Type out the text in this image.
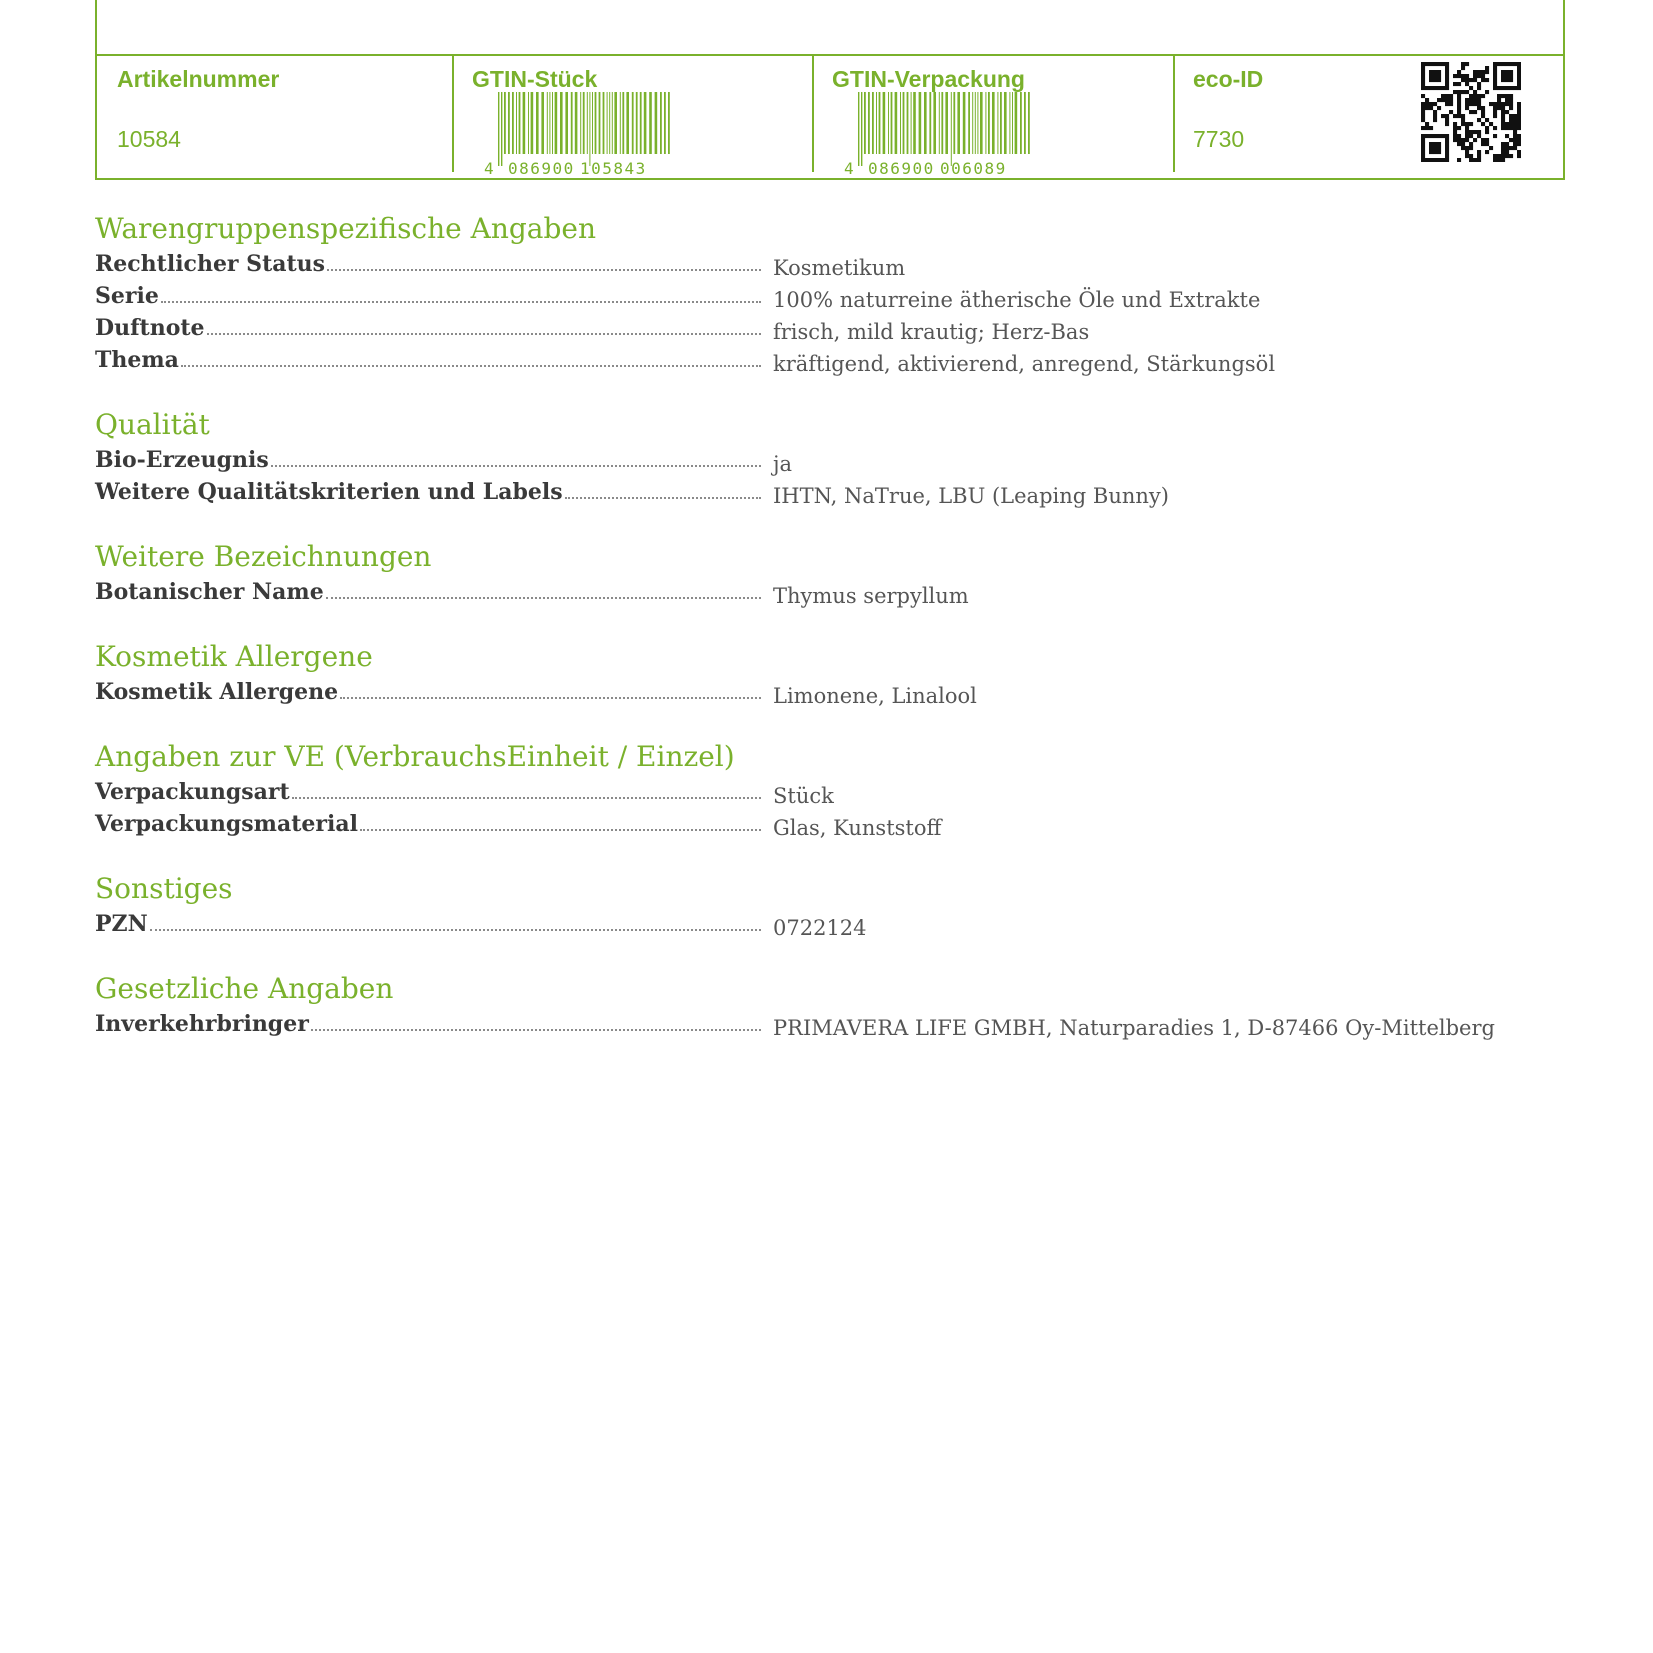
Artikelnummer
10584
GTIN-Stück
4 086900 105843
GTIN-Verpackung
4 086900 006089
eco-ID
7730
Warengruppenspezifische Angaben
Rechtlicher Status	Kosmetikum
Serie	100% naturreine ätherische Öle und Extrakte
Duftnote	frisch, mild krautig; Herz-Bas
Thema	kräftigend, aktivierend, anregend, Stärkungsöl
Qualität
Bio-Erzeugnis	ja
Weitere Qualitätskriterien und Labels	IHTN, NaTrue, LBU (Leaping Bunny)
Weitere Bezeichnungen
Botanischer Name	Thymus serpyllum
Kosmetik Allergene
Kosmetik Allergene	Limonene, Linalool
Angaben zur VE (VerbrauchsEinheit / Einzel)
Verpackungsart	Stück
Verpackungsmaterial	Glas, Kunststoff
Sonstiges
PZN	0722124
Gesetzliche Angaben
Inverkehrbringer	PRIMAVERA LIFE GMBH, Naturparadies 1, D-87466 Oy-Mittelberg
